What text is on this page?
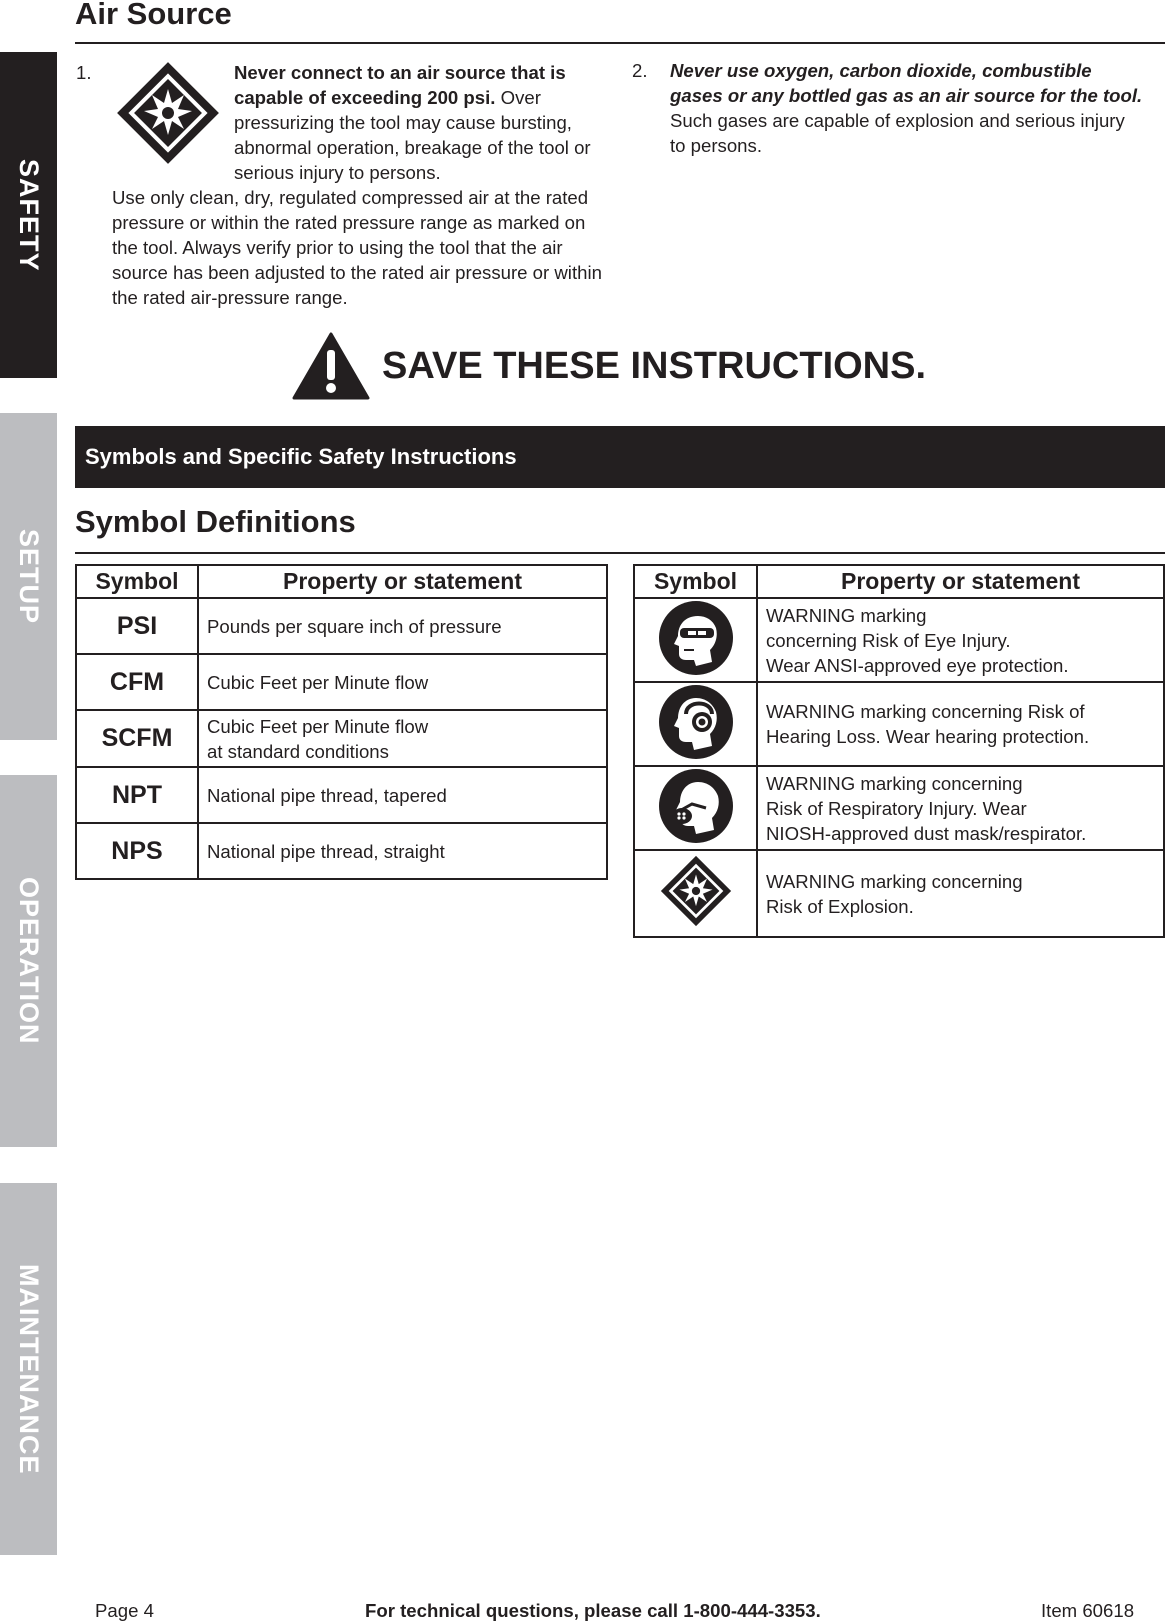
SAFETY
SETUP
OPERATION
MAINTENANCE
Air Source
1.	Never connect to an air source that is capable of exceeding 200 psi. Over pressurizing the tool may cause bursting, abnormal operation, breakage of the tool or serious injury to persons.
Use only clean, dry, regulated compressed air at the rated pressure or within the rated pressure range as marked on the tool. Always verify prior to using the tool that the air source has been adjusted to the rated air pressure or within the rated air-pressure range.
2. Never use oxygen, carbon dioxide, combustible gases or any bottled gas as an air source for the tool. Such gases are capable of explosion and serious injury to persons.
SAVE THESE INSTRUCTIONS.
Symbols and Specific Safety Instructions
Symbol Definitions
Symbol	Property or statement
PSI	Pounds per square inch of pressure
CFM	Cubic Feet per Minute flow
SCFM	Cubic Feet per Minute flow
at standard conditions

NPT	National pipe thread, tapered
NPS	National pipe thread, straight
Symbol	Property or statement

WARNING marking
concerning Risk of Eye Injury.
Wear ANSI-approved eye protection.

WARNING marking concerning Risk of
Hearing Loss. Wear hearing protection.

WARNING marking concerning
Risk of Respiratory Injury. Wear
NIOSH-approved dust mask/respirator.

WARNING marking concerning
Risk of Explosion.
Page 4	For technical questions, please call 1-800-444-3353.	Item 60618
